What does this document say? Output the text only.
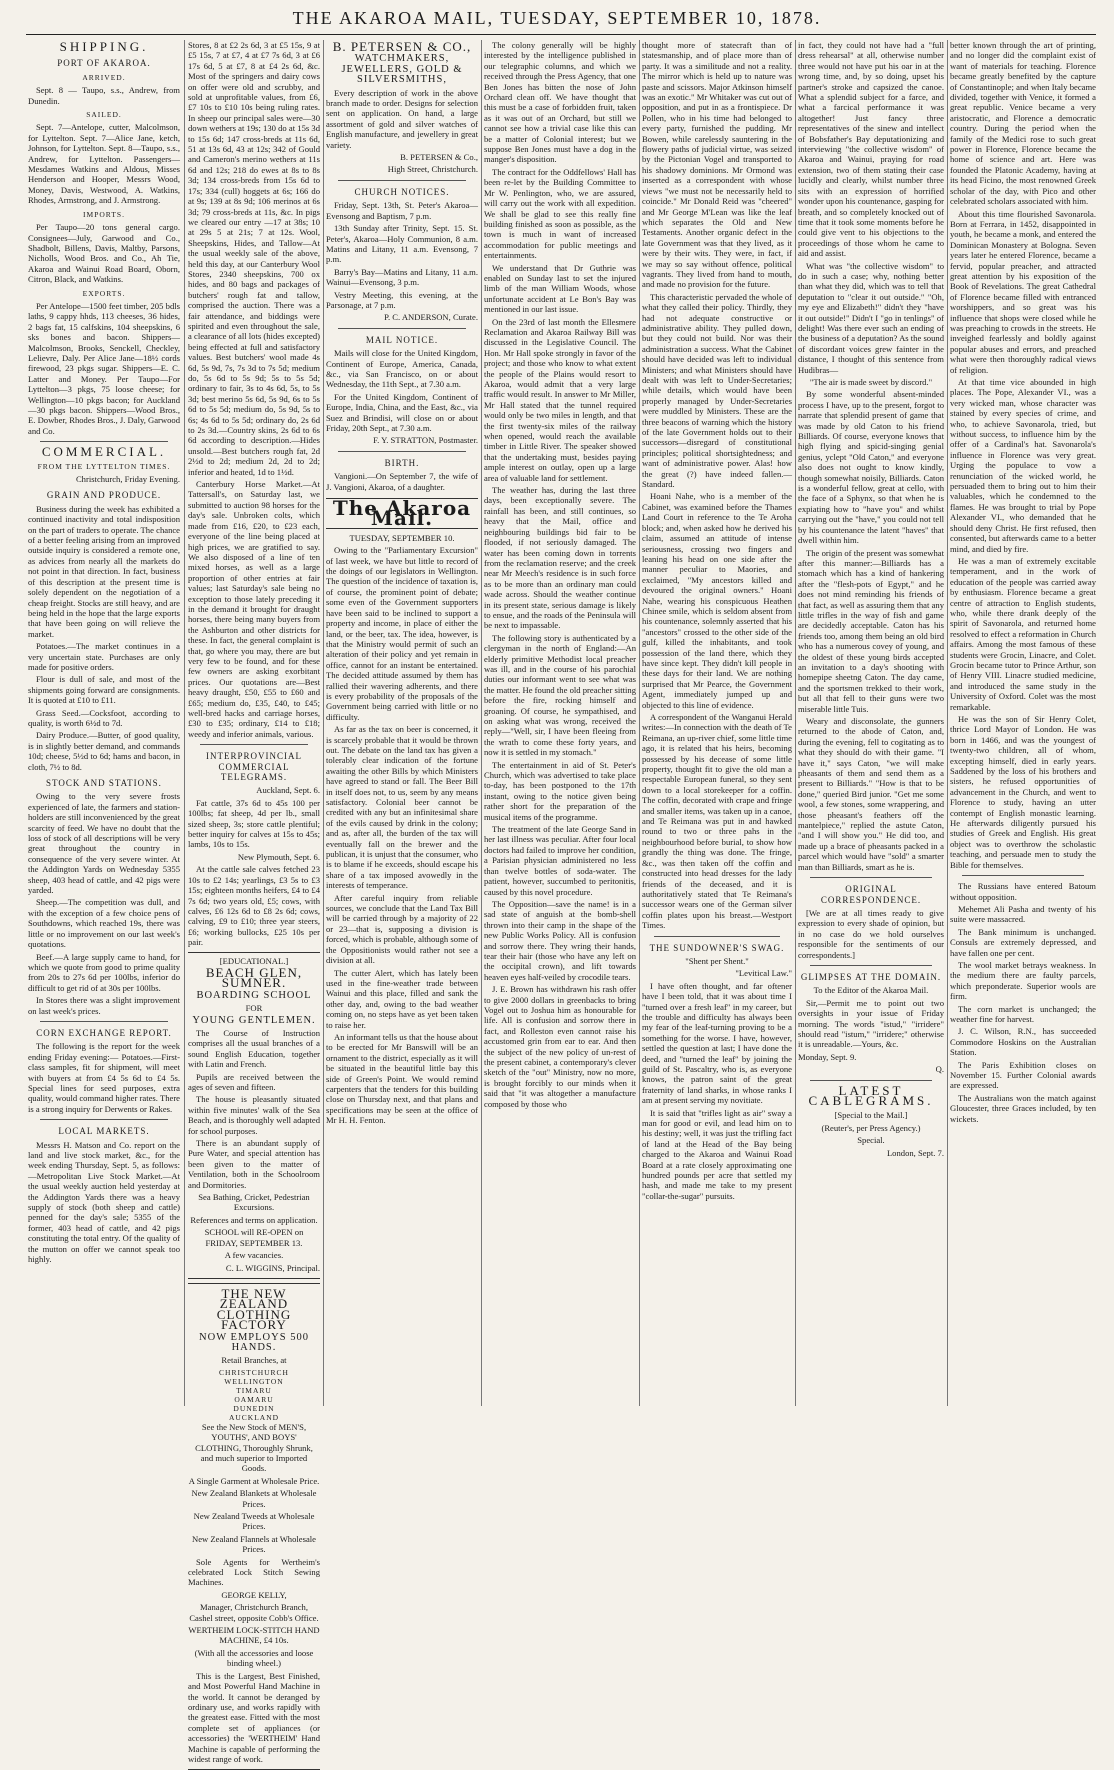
THE AKAROA MAIL, TUESDAY, SEPTEMBER 10, 1878.
SHIPPING.
PORT OF AKAROA.
ARRIVED.

Sept. 8 — Taupo, s.s., Andrew, from Dunedin.

SAILED.

Sept. 7—Antelope, cutter, Malcolmson, for Lyttelton. Sept. 7—Alice Jane, ketch, Johnson, for Lyttelton. Sept. 8—Taupo, s.s., Andrew, for Lyttelton. Passengers—Mesdames Watkins and Aldous, Misses Henderson and Hooper, Messrs Wood, Money, Davis, Westwood, A. Watkins, Rhodes, Armstrong, and J. Armstrong.

IMPORTS.

Per Taupo—20 tons general cargo. Consignees—July, Garwood and Co., Shadbolt, Billens, Davis, Maltby, Parsons, Nicholls, Wood Bros. and Co., Ah Tie, Akaroa and Wainui Road Board, Oborn, Citron, Black, and Watkins.

EXPORTS.

Per Antelope—1500 feet timber, 205 bdls laths, 9 cappy hhds, 113 cheeses, 36 hides, 2 bags fat, 15 calfskins, 104 sheepskins, 6 sks bones and bacon. Shippers—Malcolmson, Brooks, Senckell, Checkley, Lelievre, Daly. Per Alice Jane—18½ cords firewood, 23 pkgs sugar. Shippers—E. C. Latter and Money. Per Taupo—For Lyttelton—3 pkgs, 75 loose cheese; for Wellington—10 pkgs bacon; for Auckland—30 pkgs bacon. Shippers—Wood Bros., E. Dowber, Rhodes Bros., J. Daly, Garwood and Co.

COMMERCIAL.
FROM THE LYTTELTON TIMES.

Christchurch, Friday Evening.

GRAIN AND PRODUCE.

Business during the week has exhibited a continued inactivity and total indisposition on the part of traders to operate. The chance of a better feeling arising from an improved outside inquiry is considered a remote one, as advices from nearly all the markets do not point in that direction. In fact, business of this description at the present time is solely dependent on the negotiation of a cheap freight. Stocks are still heavy, and are being held in the hope that the large exports that have been going on will relieve the market.

Potatoes.—The market continues in a very uncertain state. Purchases are only made for positive orders.

Flour is dull of sale, and most of the shipments going forward are consignments. It is quoted at £10 to £11.

Grass Seed.—Cocksfoot, according to quality, is worth 6½d to 7d.

Dairy Produce.—Butter, of good quality, is in slightly better demand, and commands 10d; cheese, 5½d to 6d; hams and bacon, in cloth, 7½ to 8d.

STOCK AND STATIONS.

Owing to the very severe frosts experienced of late, the farmers and station-holders are still inconvenienced by the great scarcity of feed. We have no doubt that the loss of stock of all descriptions will be very great throughout the country in consequence of the very severe winter. At the Addington Yards on Wednesday 5355 sheep, 403 head of cattle, and 42 pigs were yarded.

Sheep.—The competition was dull, and with the exception of a few choice pens of Southdowns, which reached 19s, there was little or no improvement on our last week's quotations.

Beef.—A large supply came to hand, for which we quote from good to prime quality from 20s to 27s 6d per 100lbs, inferior do difficult to get rid of at 30s per 100lbs.

In Stores there was a slight improvement on last week's prices.

CORN EXCHANGE REPORT.

The following is the report for the week ending Friday evening:— Potatoes.—First-class samples, fit for shipment, will meet with buyers at from £4 5s 6d to £4 5s. Special lines for seed purposes, extra quality, would command higher rates. There is a strong inquiry for Derwents or Rakes.

LOCAL MARKETS.

Messrs H. Matson and Co. report on the land and live stock market, &c., for the week ending Thursday, Sept. 5, as follows:—Metropolitan Live Stock Market.—At the usual weekly auction held yesterday at the Addington Yards there was a heavy supply of stock (both sheep and cattle) penned for the day's sale; 5355 of the former, 403 head of cattle, and 42 pigs constituting the total entry. Of the quality of the mutton on offer we cannot speak too highly.

Stores, 8 at £2 2s 6d, 3 at £5 15s, 9 at £5 15s, 7 at £7, 4 at £7 7s 6d, 3 at £6 17s 6d, 5 at £7, 8 at £4 2s 6d, &c. Most of the springers and dairy cows on offer were old and scrubby, and sold at unprofitable values, from £6, £7 10s to £10 10s being ruling rates. In sheep our principal sales were—30 down wethers at 19s; 130 do at 15s 3d to 15s 6d; 147 cross-breds at 11s 6d, 51 at 13s 6d, 43 at 12s; 342 of Gould and Cameron's merino wethers at 11s 6d and 12s; 218 do ewes at 8s to 8s 3d; 134 cross-breds from 15s 6d to 17s; 334 (cull) hoggets at 6s; 166 do at 9s; 139 at 8s 9d; 106 merinos at 6s 3d; 79 cross-breds at 11s, &c. In pigs we cleared our entry —17 at 38s; 10 at 29s 5 at 21s; 7 at 12s. Wool, Sheepskins, Hides, and Tallow—At the usual weekly sale of the above, held this day, at our Canterbury Wool Stores, 2340 sheepskins, 700 ox hides, and 80 bags and packages of butchers' rough fat and tallow, comprised the auction. There was a fair attendance, and biddings were spirited and even throughout the sale, a clearance of all lots (hides excepted) being effected at full and satisfactory values. Best butchers' wool made 4s 6d, 5s 9d, 7s, 7s 3d to 7s 5d; medium do, 5s 6d to 5s 9d; 5s to 5s 5d; ordinary to fair, 3s to 4s 6d, 5s, to 5s 3d; best merino 5s 6d, 5s 9d, 6s to 5s 6d to 5s 5d; medium do, 5s 9d, 5s to 6s; 4s 6d to 5s 5d; ordinary do, 2s 6d to 2s 3d.—Country skins, 2s 6d to 6s 6d according to description.—Hides unsold.—Best butchers rough fat, 2d 2½d to 2d; medium 2d, 2d to 2d; inferior and heated, 1d to 1½d.

Canterbury Horse Market.—At Tattersall's, on Saturday last, we submitted to auction 98 horses for the day's sale. Unbroken colts, which made from £16, £20, to £23 each, everyone of the line being placed at high prices, we are gratified to say. We also disposed of a line of ten mixed horses, as well as a large proportion of other entries at fair values; last Saturday's sale being no exception to those lately preceding it in the demand it brought for draught horses, there being many buyers from the Ashburton and other districts for these. In fact, the general complaint is that, go where you may, there are but very few to be found, and for these few owners are asking exorbitant prices. Our quotations are—Best heavy draught, £50, £55 to £60 and £65; medium do, £35, £40, to £45; well-bred hacks and carriage horses, £30 to £35; ordinary, £14 to £18; weedy and inferior animals, various.

INTERPROVINCIAL COMMERCIAL TELEGRAMS.

Auckland, Sept. 6.

Fat cattle, 37s 6d to 45s 100 per 100lbs; fat sheep, 4d per lb., small sized sheep, 3s; store cattle plentiful; better inquiry for calves at 15s to 45s; lambs, 10s to 15s.

New Plymouth, Sept. 6.

At the cattle sale calves fetched 23 10s to £2 14s; yearlings, £3 5s to £3 15s; eighteen months heifers, £4 to £4 7s 6d; two years old, £5; cows, with calves, £6 12s 6d to £8 2s 6d; cows, calving, £9 to £10; three year steers, £6; working bullocks, £25 10s per pair.

[EDUCATIONAL.]

BEACH GLEN, SUMNER.
BOARDING SCHOOL

FOR

YOUNG GENTLEMEN.

The Course of Instruction comprises all the usual branches of a sound English Education, together with Latin and French.

Pupils are received between the ages of seven and fifteen.

The house is pleasantly situated within five minutes' walk of the Sea Beach, and is thoroughly well adapted for school purposes.

There is an abundant supply of Pure Water, and special attention has been given to the matter of Ventilation, both in the Schoolroom and Dormitories.

Sea Bathing, Cricket, Pedestrian Excursions.

References and terms on application.

SCHOOL will RE-OPEN on FRIDAY, SEPTEMBER 13.

A few vacancies.

C. L. WIGGINS, Principal.

THE NEW ZEALAND CLOTHING FACTORY
NOW EMPLOYS 500 HANDS.

Retail Branches, at

CHRISTCHURCH
WELLINGTON
TIMARU
OAMARU
DUNEDIN
AUCKLAND

See the New Stock of MEN'S, YOUTHS', AND BOYS' CLOTHING, Thoroughly Shrunk, and much superior to Imported Goods.

A Single Garment at Wholesale Price.

New Zealand Blankets at Wholesale Prices.

New Zealand Tweeds at Wholesale Prices.

New Zealand Flannels at Wholesale Prices.

Sole Agents for Wertheim's celebrated Lock Stitch Sewing Machines.

GEORGE KELLY,

Manager, Christchurch Branch, Cashel street, opposite Cobb's Office.

WERTHEIM LOCK-STITCH HAND MACHINE, £4 10s.

(With all the accessories and loose binding wheel.)

This is the Largest, Best Finished, and Most Powerful Hand Machine in the world. It cannot be deranged by ordinary use, and works rapidly with the greatest ease. Fitted with the most complete set of appliances (or accessories) the 'WERTHEIM' Hand Machine is capable of performing the widest range of work.

B. PETERSEN & CO.,
WATCHMAKERS, JEWELLERS, GOLD & SILVERSMITHS,

Every description of work in the above branch made to order. Designs for selection sent on application. On hand, a large assortment of gold and silver watches of English manufacture, and jewellery in great variety.

B. PETERSEN & Co.,

High Street, Christchurch.

CHURCH NOTICES.

Friday, Sept. 13th, St. Peter's Akaroa—Evensong and Baptism, 7 p.m.

13th Sunday after Trinity, Sept. 15. St. Peter's, Akaroa—Holy Communion, 8 a.m. Matins and Litany, 11 a.m. Evensong, 7 p.m.

Barry's Bay—Matins and Litany, 11 a.m. Wainui—Evensong, 3 p.m.

Vestry Meeting, this evening, at the Parsonage, at 7 p.m.

P. C. ANDERSON, Curate.

MAIL NOTICE.

Mails will close for the United Kingdom, Continent of Europe, America, Canada, &c., via San Francisco, on or about Wednesday, the 11th Sept., at 7.30 a.m.

For the United Kingdom, Continent of Europe, India, China, and the East, &c., via Suez and Brindisi, will close on or about Friday, 20th Sept., at 7.30 a.m.

F. Y. STRATTON, Postmaster.

BIRTH.

Vangioni.—On September 7, the wife of J. Vangioni, Akaroa, of a daughter.

The Akaroa Mail.

TUESDAY, SEPTEMBER 10.

Owing to the "Parliamentary Excursion" of last week, we have but little to record of the doings of our legislators in Wellington. The question of the incidence of taxation is, of course, the prominent point of debate; some even of the Government supporters have been said to be inclined to support a property and income, in place of either the land, or the beer, tax. The idea, however, is that the Ministry would permit of such an alteration of their policy and yet remain in office, cannot for an instant be entertained. The decided attitude assumed by them has rallied their wavering adherents, and there is every probability of the proposals of the Government being carried with little or no difficulty.

As far as the tax on beer is concerned, it is scarcely probable that it would be thrown out. The debate on the land tax has given a tolerably clear indication of the fortune awaiting the other Bills by which Ministers have agreed to stand or fall. The Beer Bill in itself does not, to us, seem by any means satisfactory. Colonial beer cannot be credited with any but an infinitesimal share of the evils caused by drink in the colony; and as, after all, the burden of the tax will eventually fall on the brewer and the publican, it is unjust that the consumer, who is to blame if he exceeds, should escape his share of a tax imposed avowedly in the interests of temperance.

After careful inquiry from reliable sources, we conclude that the Land Tax Bill will be carried through by a majority of 22 or 23—that is, supposing a division is forced, which is probable, although some of the Oppositionists would rather not see a division at all.

The cutter Alert, which has lately been used in the fine-weather trade between Wainui and this place, filled and sank the other day, and, owing to the bad weather coming on, no steps have as yet been taken to raise her.

An informant tells us that the house about to be erected for Mr Banswill will be an ornament to the district, especially as it will be situated in the beautiful little bay this side of Green's Point. We would remind carpenters that the tenders for this building close on Thursday next, and that plans and specifications may be seen at the office of Mr H. H. Fenton.

The colony generally will be highly interested by the intelligence published in our telegraphic columns, and which we received through the Press Agency, that one Ben Jones has bitten the nose of John Orchard clean off. We have thought that this must be a case of forbidden fruit, taken as it was out of an Orchard, but still we cannot see how a trivial case like this can be a matter of Colonial interest; but we suppose Ben Jones must have a dog in the manger's disposition.

The contract for the Oddfellows' Hall has been re-let by the Building Committee to Mr W. Penlington, who, we are assured, will carry out the work with all expedition. We shall be glad to see this really fine building finished as soon as possible, as the town is much in want of increased accommodation for public meetings and entertainments.

We understand that Dr Guthrie was enabled on Sunday last to set the injured limb of the man William Woods, whose unfortunate accident at Le Bon's Bay was mentioned in our last issue.

On the 23rd of last month the Ellesmere Reclamation and Akaroa Railway Bill was discussed in the Legislative Council. The Hon. Mr Hall spoke strongly in favor of the project; and those who know to what extent the people of the Plains would resort to Akaroa, would admit that a very large traffic would result. In answer to Mr Miller, Mr Hall stated that the tunnel required would only be two miles in length, and that the first twenty-six miles of the railway when opened, would reach the available timber in Little River. The speaker showed that the undertaking must, besides paying ample interest on outlay, open up a large area of valuable land for settlement.

The weather has, during the last three days, been exceptionally severe. The rainfall has been, and still continues, so heavy that the Mail, office and neighbouring buildings bid fair to be flooded, if not seriously damaged. The water has been coming down in torrents from the reclamation reserve; and the creek near Mr Meech's residence is in such force as to be more than an ordinary man could wade across. Should the weather continue in its present state, serious damage is likely to ensue, and the roads of the Peninsula will be next to impassable.

The following story is authenticated by a clergyman in the north of England:—An elderly primitive Methodist local preacher was ill, and in the course of his parochial duties our informant went to see what was the matter. He found the old preacher sitting before the fire, rocking himself and groaning. Of course, he sympathised, and on asking what was wrong, received the reply—"Well, sir, I have been fleeing from the wrath to come these forty years, and now it is settled in my stomach."

The entertainment in aid of St. Peter's Church, which was advertised to take place to-day, has been postponed to the 17th instant, owing to the notice given being rather short for the preparation of the musical items of the programme.

The treatment of the late George Sand in her last illness was peculiar. After four local doctors had failed to improve her condition, a Parisian physician administered no less than twelve bottles of soda-water. The patient, however, succumbed to peritonitis, caused by this novel procedure.

The Opposition—save the name! is in a sad state of anguish at the bomb-shell thrown into their camp in the shape of the new Public Works Policy. All is confusion and sorrow there. They wring their hands, tear their hair (those who have any left on the occipital crown), and lift towards heaven eyes half-veiled by crocodile tears.

J. E. Brown has withdrawn his rash offer to give 2000 dollars in greenbacks to bring Vogel out to Joshua him as honourable for life. All is confusion and sorrow there in fact, and Rolleston even cannot raise his accustomed grin from ear to ear. And then the subject of the new policy of un-rest of the present cabinet, a contemporary's clever sketch of the "out" Ministry, now no more, is brought forcibly to our minds when it said that "it was altogether a manufacture composed by those who

thought more of statecraft than of statesmanship, and of place more than of party. It was a similitude and not a reality. The mirror which is held up to nature was paste and scissors. Major Atkinson himself was an exotic." Mr Whitaker was cut out of opposition, and put in as a frontispiece. Dr Pollen, who in his time had belonged to every party, furnished the pudding. Mr Bowen, while carelessly sauntering in the flowery paths of judicial virtue, was seized by the Pictonian Vogel and transported to his shadowy dominions. Mr Ormond was inserted as a correspondent with whose views "we must not be necessarily held to coincide." Mr Donald Reid was "cheered" and Mr George M'Lean was like the leaf which separates the Old and New Testaments. Another organic defect in the late Government was that they lived, as it were by their wits. They were, in fact, if we may so say without offence, political vagrants. They lived from hand to mouth, and made no provision for the future.

This characteristic pervaded the whole of what they called their policy. Thirdly, they had not adequate constructive or administrative ability. They pulled down, but they could not build. Nor was their administration a success. What the Cabinet should have decided was left to individual Ministers; and what Ministers should have dealt with was left to Under-Secretaries; while details, which would have been properly managed by Under-Secretaries were muddled by Ministers. These are the three beacons of warning which the history of the late Government holds out to their successors—disregard of constitutional principles; political shortsightedness; and want of administrative power. Alas! how the great (?) have indeed fallen.—Standard.

Hoani Nahe, who is a member of the Cabinet, was examined before the Thames Land Court in reference to the Te Aroha block; and, when asked how he derived his claim, assumed an attitude of intense seriousness, crossing two fingers and leaning his head on one side after the manner peculiar to Maories, and exclaimed, "My ancestors killed and devoured the original owners." Hoani Nahe, wearing his conspicuous Heathen Chinee smile, which is seldom absent from his countenance, solemnly asserted that his "ancestors" crossed to the other side of the gulf, killed the inhabitants, and took possession of the land there, which they have since kept. They didn't kill people in these days for their land. We are nothing surprised that Mr Pearce, the Government Agent, immediately jumped up and objected to this line of evidence.

A correspondent of the Wanganui Herald writes:—In connection with the death of Te Reimana, an up-river chief, some little time ago, it is related that his heirs, becoming possessed by his decease of some little property, thought fit to give the old man a respectable European funeral, so they sent down to a local storekeeper for a coffin. The coffin, decorated with crape and fringe and smaller items, was taken up in a canoe, and Te Reimana was put in and hawked round to two or three pahs in the neighbourhood before burial, to show how grandly the thing was done. The fringe, &c., was then taken off the coffin and constructed into head dresses for the lady friends of the deceased, and it is authoritatively stated that Te Reimana's successor wears one of the German silver coffin plates upon his breast.—Westport Times.

THE SUNDOWNER'S SWAG.

"Shent per Shent."

"Levitical Law."

I have often thought, and far oftener have I been told, that it was about time I "turned over a fresh leaf" in my career, but the trouble and difficulty has always been my fear of the leaf-turning proving to be a something for the worse. I have, however, settled the question at last; I have done the deed, and "turned the leaf" by joining the guild of St. Pascaltry, who is, as everyone knows, the patron saint of the great fraternity of land sharks, in whose ranks I am at present serving my novitiate.

It is said that "trifles light as air" sway a man for good or evil, and lead him on to his destiny; well, it was just the trifling fact of land at the Head of the Bay being charged to the Akaroa and Wainui Road Board at a rate closely approximating one hundred pounds per acre that settled my hash, and made me take to my present "collar-the-sugar" pursuits.

in fact, they could not have had a "full dress rehearsal" at all, otherwise number three would not have put his oar in at the wrong time, and, by so doing, upset his partner's stroke and capsized the canoe. What a splendid subject for a farce, and what a farcical performance it was altogether! Just fancy three representatives of the sinew and intellect of Bobsfather's Bay deputationizing and interviewing "the collective wisdom" of Akaroa and Wainui, praying for road extension, two of them stating their case lucidly and clearly, whilst number three sits with an expression of horrified wonder upon his countenance, gasping for breath, and so completely knocked out of time that it took some moments before he could give vent to his objections to the proceedings of those whom he came to aid and assist.

What was "the collective wisdom" to do in such a case; why, nothing better than what they did, which was to tell that deputation to "clear it out outside." "Oh, my eye and Elizabeth!" didn't they "have it out outside!" Didn't I "go in tenlings" of delight! Was there ever such an ending of the business of a deputation? As the sound of discordant voices grew fainter in the distance, I thought of this sentence from Hudibras—

"The air is made sweet by discord."

By some wonderful absent-minded process I have, up to the present, forgot to narrate that splendid present of game that was made by old Caton to his friend Billiards. Of course, everyone knows that high flying and spicid-singing genial genius, yclept "Old Caton," and everyone also does not ought to know kindly, though somewhat noisily, Billiards. Caton is a wonderful fellow, great at cello, with the face of a Sphynx, so that when he is expiating how to "have you" and whilst carrying out the "have," you could not tell by his countenance the latent "haves" that dwell within him.

The origin of the present was somewhat after this manner:—Billiards has a stomach which has a kind of hankering after the "flesh-pots of Egypt," and he does not mind reminding his friends of that fact, as well as assuring them that any little trifles in the way of fish and game are decidedly acceptable. Caton has his friends too, among them being an old bird who has a numerous covey of young, and the oldest of these young birds accepted an invitation to a day's shooting with homepipe sheetng Caton. The day came, and the sportsmen trekked to their work, but all that fell to their guns were two miserable little Tuis.

Weary and disconsolate, the gunners returned to the abode of Caton, and, during the evening, fell to cogitating as to what they should do with their game. "I have it," says Caton, "we will make pheasants of them and send them as a present to Billiards." "How is that to be done," queried Bird junior. "Get me some wool, a few stones, some wrappering, and those pheasant's feathers off the mantelpiece," replied the astute Caton, "and I will show you." He did too, and made up a brace of pheasants packed in a parcel which would have "sold" a smarter man than Billiards, smart as he is.

ORIGINAL CORRESPONDENCE.

[We are at all times ready to give expression to every shade of opinion, but in no case do we hold ourselves responsible for the sentiments of our correspondents.]

GLIMPSES AT THE DOMAIN.

To the Editor of the Akaroa Mail.

Sir,—Permit me to point out two oversights in your issue of Friday morning. The words "istud," "irridere" should read "istum," "irridere;" otherwise it is unreadable.—Yours, &c.

Monday, Sept. 9.

Q.

LATEST CABLEGRAMS.

[Special to the Mail.]

(Reuter's, per Press Agency.)

Special.

London, Sept. 7.

better known through the art of printing, and no longer did the complaint exist of want of materials for teaching. Florence became greatly benefited by the capture of Constantinople; and when Italy became divided, together with Venice, it formed a great republic. Venice became a very aristocratic, and Florence a democratic country. During the period when the family of the Medici rose to such great power in Florence, Florence became the home of science and art. Here was founded the Platonic Academy, having at its head Ficino, the most renowned Greek scholar of the day, with Pico and other celebrated scholars associated with him.

About this time flourished Savonarola. Born at Ferrara, in 1452, disappointed in youth, he became a monk, and entered the Dominican Monastery at Bologna. Seven years later he entered Florence, became a fervid, popular preacher, and attracted great attention by his exposition of the Book of Revelations. The great Cathedral of Florence became filled with entranced worshippers, and so great was his influence that shops were closed while he was preaching to crowds in the streets. He inveighed fearlessly and boldly against popular abuses and errors, and preached what were then thoroughly radical views of religion.

At that time vice abounded in high places. The Pope, Alexander VI., was a very wicked man, whose character was stained by every species of crime, and who, to achieve Savonarola, tried, but without success, to influence him by the offer of a Cardinal's hat. Savonarola's influence in Florence was very great. Urging the populace to vow a renunciation of the wicked world, he persuaded them to bring out to him their valuables, which he condemned to the flames. He was brought to trial by Pope Alexander VI., who demanded that he should deny Christ. He first refused, then consented, but afterwards came to a better mind, and died by fire.

He was a man of extremely excitable temperament, and in the work of education of the people was carried away by enthusiasm. Florence became a great centre of attraction to English students, who, while there drank deeply of the spirit of Savonarola, and returned home resolved to effect a reformation in Church affairs. Among the most famous of these students were Grocin, Linacre, and Colet. Grocin became tutor to Prince Arthur, son of Henry VIII. Linacre studied medicine, and introduced the same study in the University of Oxford. Colet was the most remarkable.

He was the son of Sir Henry Colet, thrice Lord Mayor of London. He was born in 1466, and was the youngest of twenty-two children, all of whom, excepting himself, died in early years. Saddened by the loss of his brothers and sisters, he refused opportunities of advancement in the Church, and went to Florence to study, having an utter contempt of English monastic learning. He afterwards diligently pursued his studies of Greek and English. His great object was to overthrow the scholastic teaching, and persuade men to study the Bible for themselves.

The Russians have entered Batoum without opposition.

Mehemet Ali Pasha and twenty of his suite were massacred.

The Bank minimum is unchanged. Consuls are extremely depressed, and have fallen one per cent.

The wool market betrays weakness. In the medium there are faulty parcels, which preponderate. Superior wools are firm.

The corn market is unchanged; the weather fine for harvest.

J. C. Wilson, R.N., has succeeded Commodore Hoskins on the Australian Station.

The Paris Exhibition closes on November 15. Further Colonial awards are expressed.

The Australians won the match against Gloucester, three Graces included, by ten wickets.
